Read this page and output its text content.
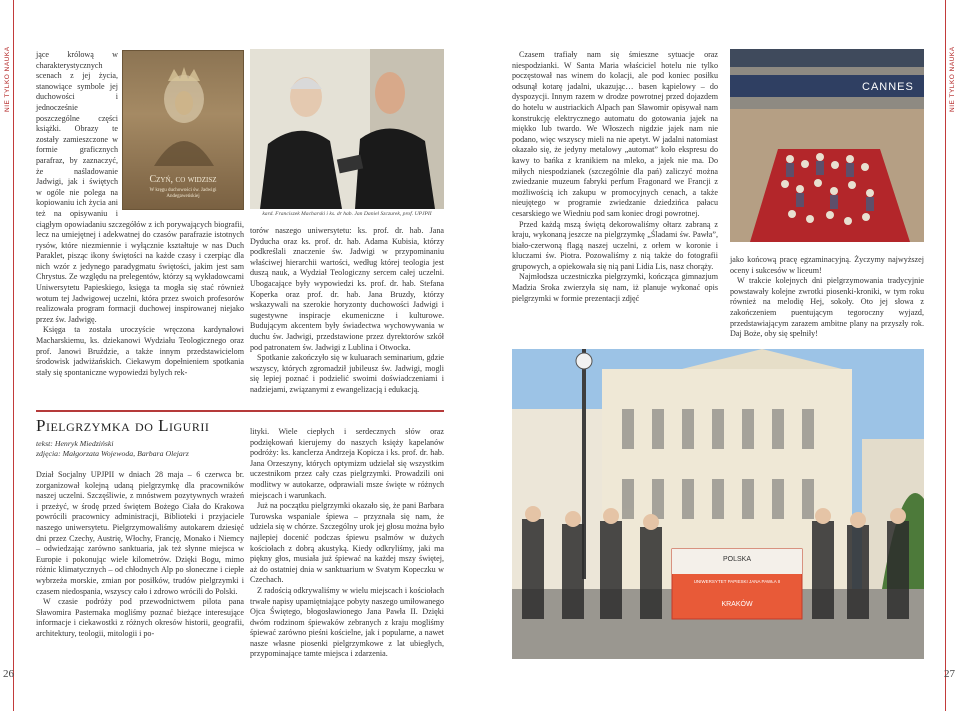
NIE TYLKO NAUKA	NIE TYLKO NAUKA
Czyń, co widzisz
W kręgu duchowości św. Jadwigi Andegaweńskiej

jące królową w charakterystycznych scenach z jej życia, stanowiące symbole jej duchowości i jednocześnie poszczególne części książki. Obrazy te zostały zamieszczone w formie graficznych parafraz, by zaznaczyć, że naśladowanie Jadwigi, jak i świętych w ogóle nie polega na kopiowaniu ich życia ani też na opisywaniu i ciągłym opowiadaniu szczegółów z ich porywających biografii, lecz na umiejętnej i adekwatnej do czasów parafrazie istotnych rysów, które niezmiennie i wyłącznie kształtuje w nas Duch Paraklet, pisząc ikony świętości na każde czasy i czerpiąc dla nich wzór z jedynego paradygmatu świętości, jakim jest sam Chrystus. Ze względu na prelegentów, którzy są wykładowcami Uniwersytetu Papieskiego, księga ta mogła się stać również wotum tej Jadwigowej uczelni, która przez swoich profesorów realizowała program formacji duchowej inspirowanej niejako przez św. Jadwigę.

Księga ta została uroczyście wręczona kardynałowi Macharskiemu, ks. dziekanowi Wydziału Teologicznego oraz prof. Janowi Bruździe, a także innym przedstawicielom środowisk jadwiżańskich. Ciekawym dopełnieniem spotkania stały się spontaniczne wypowiedzi bylych rek-

kard. Franciszek Macharski i ks. dr hab. Jan Daniel Szczurek, prof. UPJPII

torów naszego uniwersytetu: ks. prof. dr. hab. Jana Dyducha oraz ks. prof. dr. hab. Adama Kubisia, którzy podkreślali znaczenie św. Jadwigi w przypominaniu właściwej hierarchii wartości, według której teologia jest duszą nauk, a Wydział Teologiczny sercem całej uczelni. Ubogacające były wypowiedzi ks. prof. dr. hab. Stefana Koperka oraz prof. dr. hab. Jana Bruzdy, którzy wskazywali na szerokie horyzonty duchowości Jadwigi i sugestywne inspiracje ekumeniczne i kulturowe. Budującym akcentem były świadectwa wychowywania w duchu św. Jadwigi, przedstawione przez dyrektorów szkół pod patronatem św. Jadwigi z Lublina i Otwocka.

Spotkanie zakończyło się w kuluarach seminarium, gdzie wszyscy, których zgromadził jubileusz św. Jadwigi, mogli się lepiej poznać i podzielić swoimi doświadczeniami i nadziejami, związanymi z ewangelizacją i edukacją.

Pielgrzymka do Ligurii
tekst: Henryk Miedziński
zdjęcia: Małgorzata Wojewoda, Barbara Olejarz

Dział Socjalny UPJPII w dniach 28 maja – 6 czerwca br. zorganizował kolejną udaną pielgrzymkę dla pracowników naszej uczelni. Szczęśliwie, z mnóstwem pozytywnych wrażeń i przeżyć, w środę przed świętem Bożego Ciała do Krakowa powrócili pracownicy administracji, Biblioteki i przyjaciele naszego uniwersytetu. Pielgrzymowaliśmy autokarem dziesięć dni przez Czechy, Austrię, Włochy, Francję, Monako i Niemcy – odwiedzając zarówno sanktuaria, jak też słynne miejsca w Europie i pokonując wiele kilometrów. Dzięki Bogu, mimo różnic klimatycznych – od chłodnych Alp po słoneczne i ciepłe wybrzeża morskie, zmian por posiłków, trudów pielgrzymki i czasem niedospania, wszyscy cało i zdrowo wrócili do Polski.

W czasie podróży pod przewodnictwem pilota pana Sławomira Pasternaka mogliśmy poznać bieżące interesujące informacje i ciekawostki z różnych okresów historii, geografii, architektury, teologii, mitologii i po-

lityki. Wiele ciepłych i serdecznych słów oraz podziękowań kierujemy do naszych księży kapelanów podróży: ks. kanclerza Andrzeja Kopicza i ks. prof. dr. hab. Jana Orzeszyny, których optymizm udzielał się wszystkim uczestnikom przez cały czas pielgrzymki. Prowadzili oni modlitwy w autokarze, odprawiali msze święte w różnych miejscach i warunkach.

Już na początku pielgrzymki okazało się, że pani Barbara Turowska wspaniale śpiewa – przyznała się nam, że udziela się w chórze. Szczególny urok jej głosu można było najlepiej docenić podczas śpiewu psalmów w dużych kościołach z dobrą akustyką. Kiedy odkryliśmy, jaki ma piękny głos, musiała już śpiewać na każdej mszy świętej, aż do ostatniej dnia w sanktuarium w Svatym Kopeczku w Czechach.

Z radością odkrywaliśmy w wielu miejscach i kościołach trwałe napisy upamiętniające pobyty naszego umiłowanego Ojca Świętego, błogosławionego Jana Pawła II. Dzięki dwóm rodzinom śpiewaków zebranych z kraju mogliśmy śpiewać zarówno pieśni kościelne, jak i popularne, a nawet nasze własne piosenki pielgrzymkowe z lat ubiegłych, przypominające tamte miejsca i zdarzenia.

Czasem trafiały nam się śmieszne sytuacje oraz niespodzianki. W Santa Maria właściciel hotelu nie tylko poczęstował nas winem do kolacji, ale pod koniec posiłku odsunął kotarę jadalni, ukazując… basen kąpielowy – do dyspozycji. Innym razem w drodze powrotnej przed dojazdem do hotelu w austriackich Alpach pan Sławomir opisywał nam konstrukcję elektrycznego automatu do gotowania jajek na miękko lub twardo. We Włoszech nigdzie jajek nam nie podano, więc wszyscy mieli na nie apetyt. W jadalni natomiast okazało się, że jedyny metalowy „automat” koło ekspresu do kawy to bańka z kranikiem na mleko, a jajek nie ma. Do miłych niespodzianek (szczególnie dla pań) zaliczyć można zwiedzanie muzeum fabryki perfum Fragonard we Francji z możliwością ich zakupu w promocyjnych cenach, a także nieujętego w programie zwiedzanie dziedzińca pałacu cesarskiego we Wiedniu pod sam koniec drogi powrotnej.

Przed każdą mszą świętą dekorowaliśmy ołtarz zabraną z kraju, wykonaną jeszcze na pielgrzymkę „Śladami św. Pawła”, biało-czerwoną flagą naszej uczelni, z orłem w koronie i kluczami św. Piotra. Pozowaliśmy z nią także do fotografii grupowych, a opiekowała się nią pani Lidia Lis, nasz chorąży.

Najmłodsza uczestniczka pielgrzymki, kończąca gimnazjum Madzia Sroka zwierzyła się nam, iż planuje wykonać opis pielgrzymki w formie prezentacji zdjęć

CANNES

jako końcową pracę egzaminacyjną. Życzymy najwyższej oceny i sukcesów w liceum!

W trakcie kolejnych dni pielgrzymowania tradycyjnie powstawały kolejne zwrotki piosenki-kroniki, w tym roku również na melodię Hej, sokoły. Oto jej słowa z zakończeniem puentującym tegoroczny wyjazd, przedstawiającym zarazem ambitne plany na przyszły rok. Daj Boże, oby się spełniły!

POLSKA
UNIWERSYTET PAPIESKI JANA PAWŁA II
KRAKÓW
26	27
